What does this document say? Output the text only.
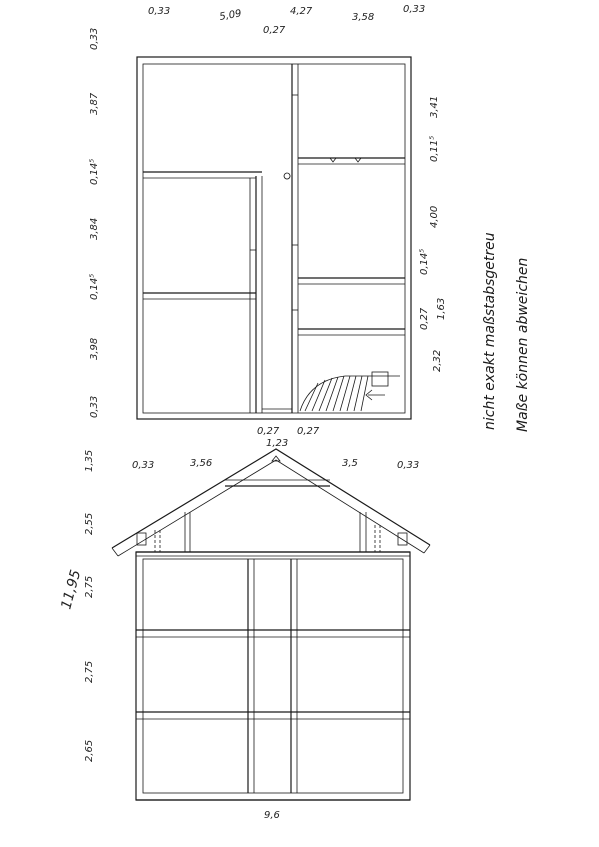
0,33	5,09	4,27
3,58
0,33
0,27
0,33
3,87
0,14⁵
3,84
0,14⁵
3,98
0,33
3,41
0,11⁵
4,00
0,14⁵
0,27 1,63
2,32
0,27
1,23
0,27
0,33	3,56	3,5	0,33
1,35
2,55
11,95 2,75
2,75
2,65
9,6
nicht exakt maßstabsgetreu Maße können abweichen
